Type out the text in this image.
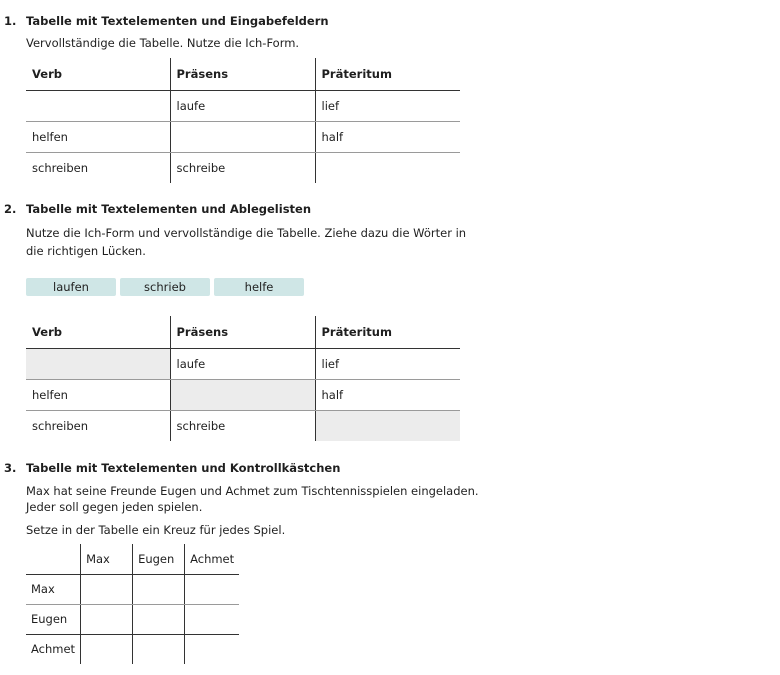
1. Tabelle mit Textelementen und Eingabefeldern
Vervollständige die Tabelle. Nutze die Ich-Form.
Verb	Präsens	Präteritum

	laufe	lief
helfen		half
schreiben	schreibe	
2. Tabelle mit Textelementen und Ablegelisten
Nutze die Ich-Form und vervollständige die Tabelle. Ziehe dazu die Wörter in
die richtigen Lücken.
laufen	schrieb	helfe
Verb	Präsens	Präteritum
	laufe	lief
helfen		half
schreiben	schreibe	
3. Tabelle mit Textelementen und Kontrollkästchen
Max hat seine Freunde Eugen und Achmet zum Tischtennisspielen eingeladen.
Jeder soll gegen jeden spielen.
Setze in der Tabelle ein Kreuz für jedes Spiel.
	Max	Eugen	Achmet
Max			
Eugen			
Achmet			
